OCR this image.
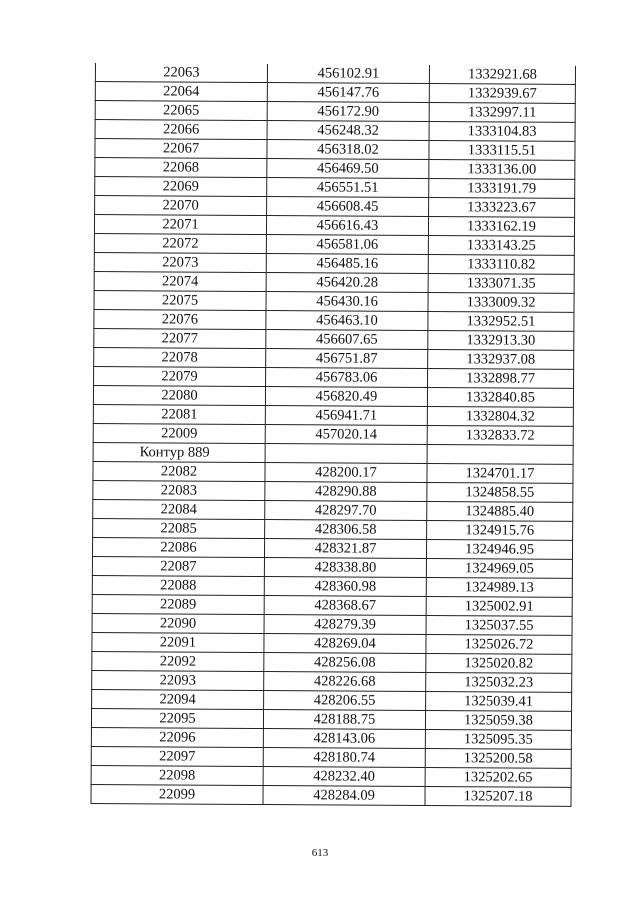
22063	456102.91	1332921.68
22064	456147.76	1332939.67
22065	456172.90	1332997.11
22066	456248.32	1333104.83
22067	456318.02	1333115.51
22068	456469.50	1333136.00
22069	456551.51	1333191.79
22070	456608.45	1333223.67
22071	456616.43	1333162.19
22072	456581.06	1333143.25
22073	456485.16	1333110.82
22074	456420.28	1333071.35
22075	456430.16	1333009.32
22076	456463.10	1332952.51
22077	456607.65	1332913.30
22078	456751.87	1332937.08
22079	456783.06	1332898.77
22080	456820.49	1332840.85
22081	456941.71	1332804.32
22009	457020.14	1332833.72
Контур 889		
22082	428200.17	1324701.17
22083	428290.88	1324858.55
22084	428297.70	1324885.40
22085	428306.58	1324915.76
22086	428321.87	1324946.95
22087	428338.80	1324969.05
22088	428360.98	1324989.13
22089	428368.67	1325002.91
22090	428279.39	1325037.55
22091	428269.04	1325026.72
22092	428256.08	1325020.82
22093	428226.68	1325032.23
22094	428206.55	1325039.41
22095	428188.75	1325059.38
22096	428143.06	1325095.35
22097	428180.74	1325200.58
22098	428232.40	1325202.65
22099	428284.09	1325207.18
613
